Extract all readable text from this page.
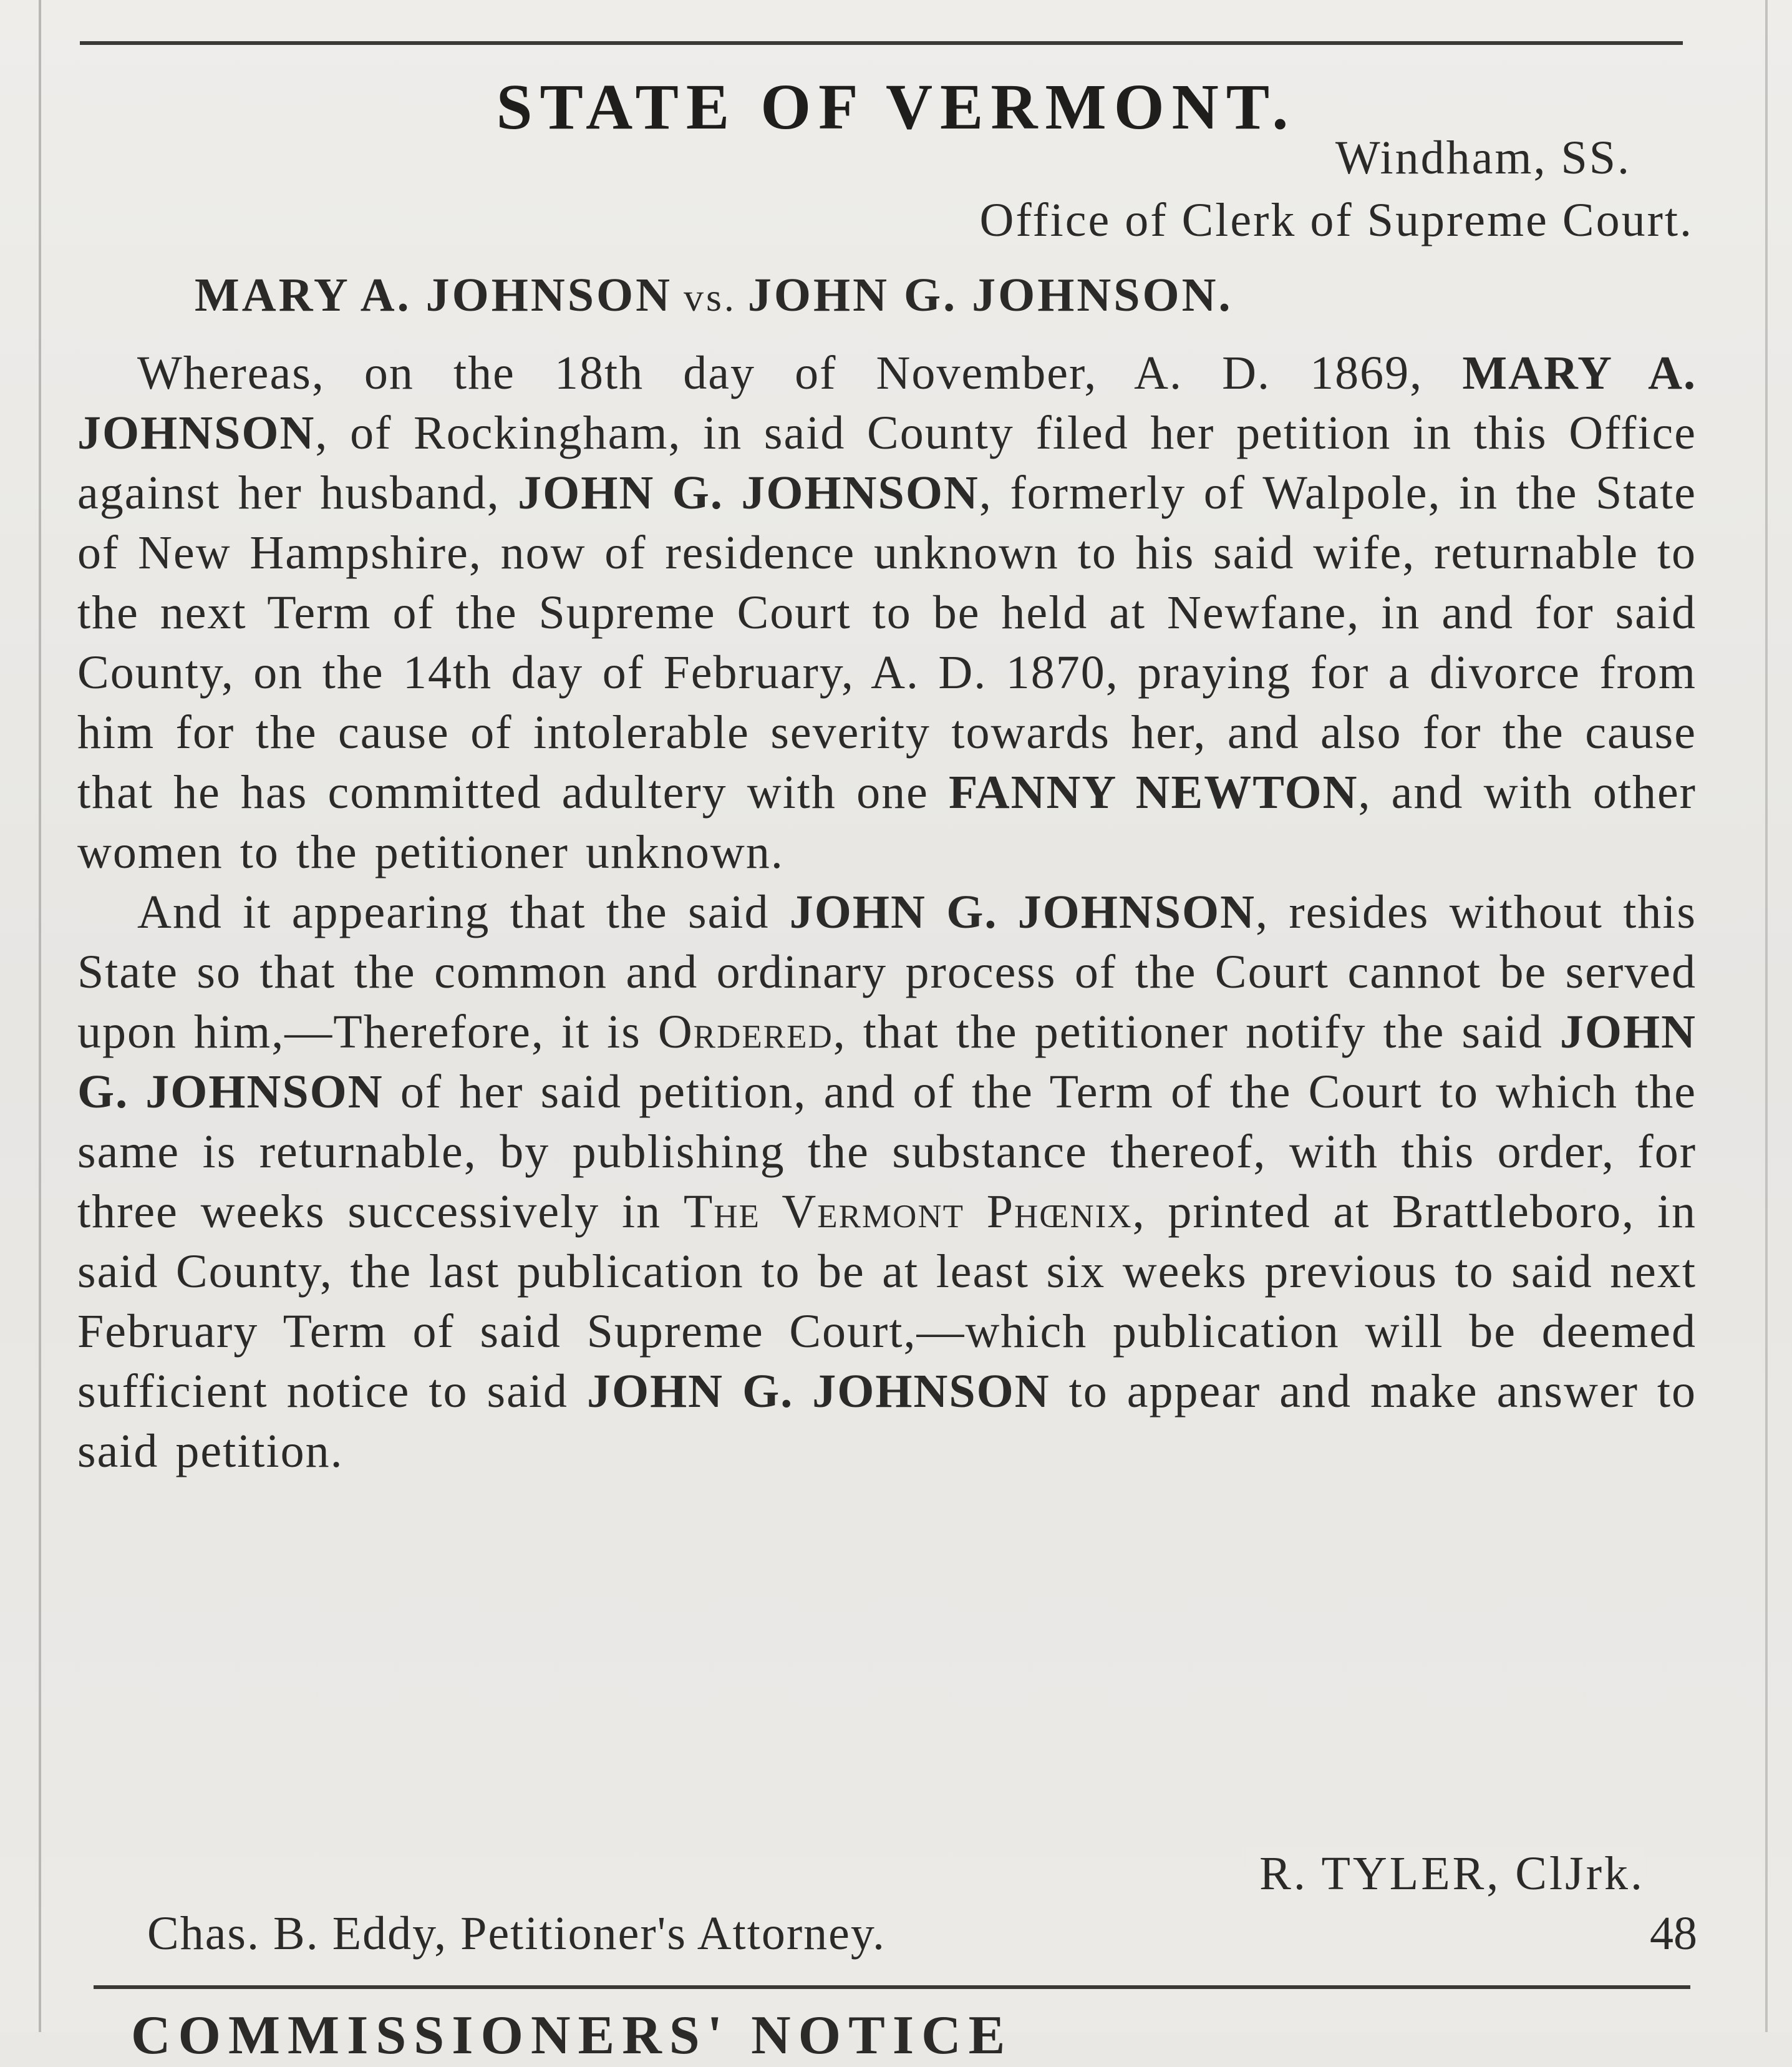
STATE OF VERMONT.
Windham, SS.
Office of Clerk of Supreme Court.
MARY A. JOHNSON vs. JOHN G. JOHNSON.

Whereas, on the 18th day of November, A. D. 1869, MARY A. JOHNSON, of Rockingham, in said County filed her petition in this Office against her husband, JOHN G. JOHNSON, formerly of Walpole, in the State of New Hampshire, now of residence unknown to his said wife, returnable to the next Term of the Supreme Court to be held at Newfane, in and for said County, on the 14th day of February, A. D. 1870, praying for a divorce from him for the cause of intolerable severity towards her, and also for the cause that he has committed adultery with one FANNY NEWTON, and with other women to the petitioner unknown.

And it appearing that the said JOHN G. JOHNSON, resides without this State so that the common and ordinary process of the Court cannot be served upon him,—Therefore, it is Ordered, that the petitioner notify the said JOHN G. JOHNSON of her said petition, and of the Term of the Court to which the same is returnable, by publishing the substance thereof, with this order, for three weeks successively in The Vermont Phœnix, printed at Brattleboro, in said County, the last publication to be at least six weeks previous to said next February Term of said Supreme Court,—which publication will be deemed sufficient notice to said JOHN G. JOHNSON to appear and make answer to said petition.

R. TYLER, ClJrk.
Chas. B. Eddy, Petitioner's Attorney.	48
COMMISSIONERS' NOTICE
